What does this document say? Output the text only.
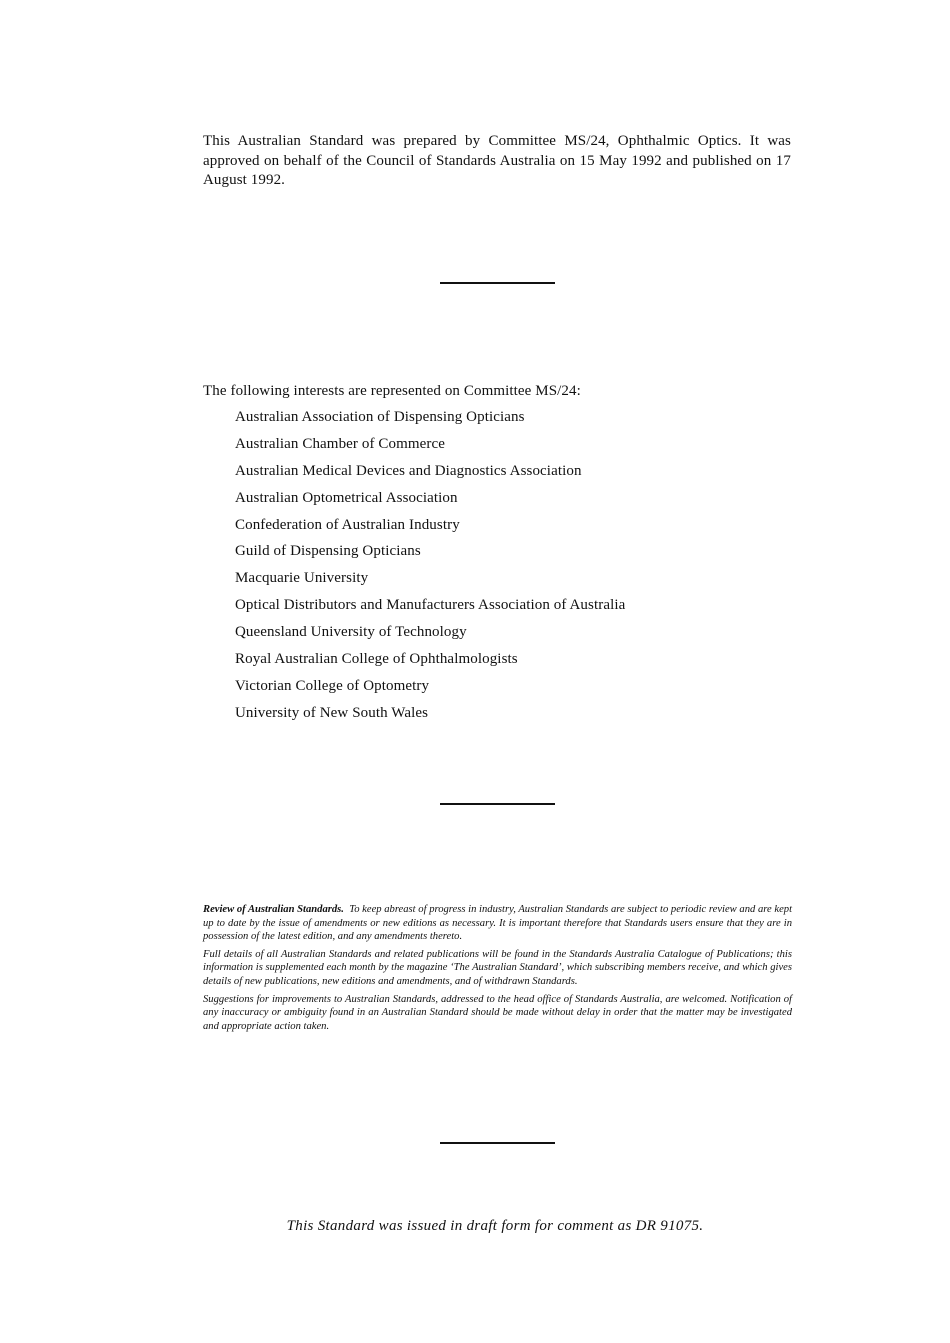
This Australian Standard was prepared by Committee MS/24, Ophthalmic Optics. It was approved on behalf of the Council of Standards Australia on 15 May 1992 and published on 17 August 1992.

The following interests are represented on Committee MS/24:

Australian Association of Dispensing Opticians
Australian Chamber of Commerce
Australian Medical Devices and Diagnostics Association
Australian Optometrical Association
Confederation of Australian Industry
Guild of Dispensing Opticians
Macquarie University
Optical Distributors and Manufacturers Association of Australia
Queensland University of Technology
Royal Australian College of Ophthalmologists
Victorian College of Optometry
University of New South Wales

Review of Australian Standards. To keep abreast of progress in industry, Australian Standards are subject to periodic review and are kept up to date by the issue of amendments or new editions as necessary. It is important therefore that Standards users ensure that they are in possession of the latest edition, and any amendments thereto.

Full details of all Australian Standards and related publications will be found in the Standards Australia Catalogue of Publications; this information is supplemented each month by the magazine ‘The Australian Standard’, which subscribing members receive, and which gives details of new publications, new editions and amendments, and of withdrawn Standards.

Suggestions for improvements to Australian Standards, addressed to the head office of Standards Australia, are welcomed. Notification of any inaccuracy or ambiguity found in an Australian Standard should be made without delay in order that the matter may be investigated and appropriate action taken.

This Standard was issued in draft form for comment as DR 91075.
